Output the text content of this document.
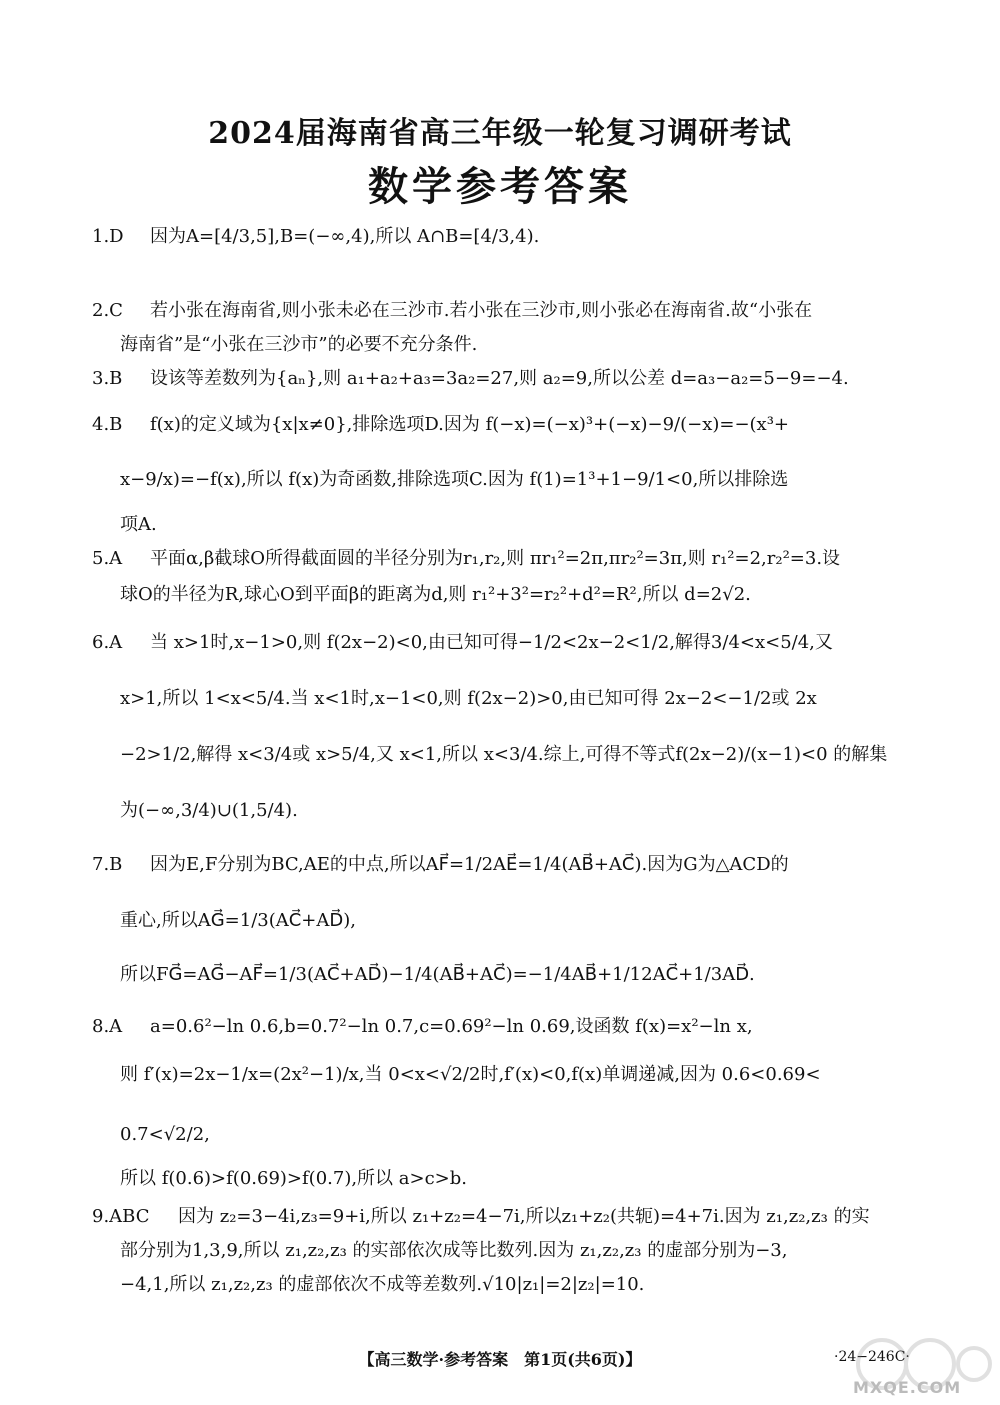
2024届海南省高三年级一轮复习调研考试
数学参考答案
1.D 因为A=[4/3,5],B=(−∞,4),所以 A∩B=[4/3,4).
2.C 若小张在海南省,则小张未必在三沙市.若小张在三沙市,则小张必在海南省.故“小张在
海南省”是“小张在三沙市”的必要不充分条件.
3.B 设该等差数列为{aₙ},则 a₁+a₂+a₃=3a₂=27,则 a₂=9,所以公差 d=a₃−a₂=5−9=−4.
4.B f(x)的定义域为{x|x≠0},排除选项D.因为 f(−x)=(−x)³+(−x)−9/(−x)=−(x³+
x−9/x)=−f(x),所以 f(x)为奇函数,排除选项C.因为 f(1)=1³+1−9/1<0,所以排除选
项A.
5.A 平面α,β截球O所得截面圆的半径分别为r₁,r₂,则 πr₁²=2π,πr₂²=3π,则 r₁²=2,r₂²=3.设
球O的半径为R,球心O到平面β的距离为d,则 r₁²+3²=r₂²+d²=R²,所以 d=2√2.
6.A 当 x>1时,x−1>0,则 f(2x−2)<0,由已知可得−1/2<2x−2<1/2,解得3/4<x<5/4,又
x>1,所以 1<x<5/4.当 x<1时,x−1<0,则 f(2x−2)>0,由已知可得 2x−2<−1/2或 2x
−2>1/2,解得 x<3/4或 x>5/4,又 x<1,所以 x<3/4.综上,可得不等式f(2x−2)/(x−1)<0 的解集
为(−∞,3/4)∪(1,5/4).
7.B 因为E,F分别为BC,AE的中点,所以AF⃗=1/2AE⃗=1/4(AB⃗+AC⃗).因为G为△ACD的
重心,所以AG⃗=1/3(AC⃗+AD⃗),
所以FG⃗=AG⃗−AF⃗=1/3(AC⃗+AD⃗)−1/4(AB⃗+AC⃗)=−1/4AB⃗+1/12AC⃗+1/3AD⃗.
8.A a=0.6²−ln 0.6,b=0.7²−ln 0.7,c=0.69²−ln 0.69,设函数 f(x)=x²−ln x,
则 f′(x)=2x−1/x=(2x²−1)/x,当 0<x<√2/2时,f′(x)<0,f(x)单调递减,因为 0.6<0.69<
0.7<√2/2,
所以 f(0.6)>f(0.69)>f(0.7),所以 a>c>b.
9.ABC 因为 z₂=3−4i,z₃=9+i,所以 z₁+z₂=4−7i,所以z₁+z₂(共轭)=4+7i.因为 z₁,z₂,z₃ 的实
部分别为1,3,9,所以 z₁,z₂,z₃ 的实部依次成等比数列.因为 z₁,z₂,z₃ 的虚部分别为−3,
−4,1,所以 z₁,z₂,z₃ 的虚部依次不成等差数列.√10|z₁|=2|z₂|=10.
【高三数学·参考答案　第1页(共6页)】	·24−246C·
MXQE.COM
